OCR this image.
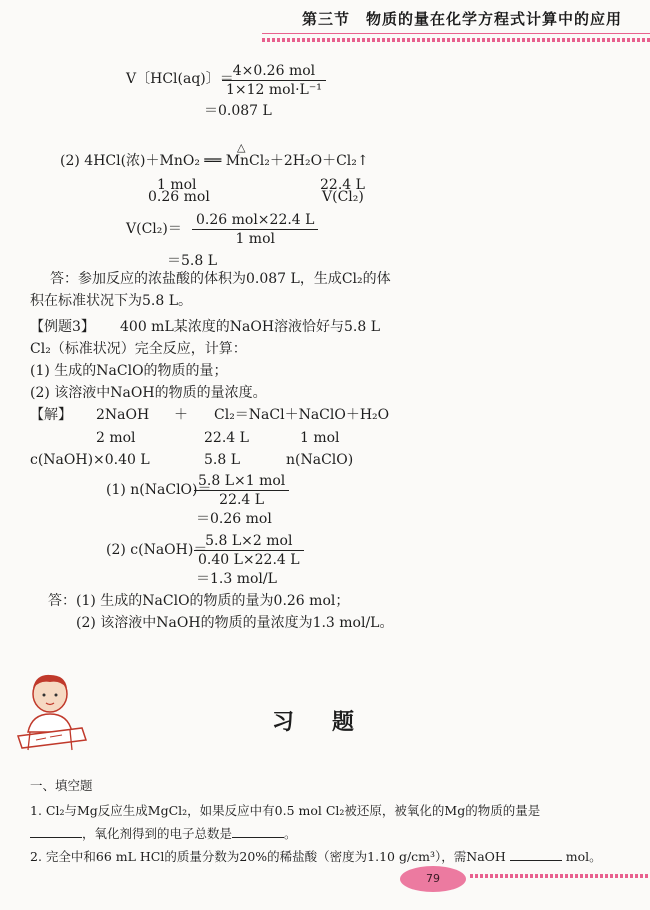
第三节　物质的量在化学方程式计算中的应用
V〔HCl(aq)〕＝
4×0.26 mol
1×12 mol·L⁻¹
＝0.087 L
△
(2) 4HCl(浓)＋MnO₂ ══ MnCl₂＋2H₂O＋Cl₂↑
1 mol	22.4 L
0.26 mol	V(Cl₂)
V(Cl₂)＝
0.26 mol×22.4 L
1 mol
＝5.8 L
答：参加反应的浓盐酸的体积为0.087 L，生成Cl₂的体
积在标准状况下为5.8 L。
【例题3】 400 mL某浓度的NaOH溶液恰好与5.8 L
Cl₂（标准状况）完全反应，计算：
(1) 生成的NaClO的物质的量；
(2) 该溶液中NaOH的物质的量浓度。
【解】 2NaOH ＋ Cl₂＝NaCl＋NaClO＋H₂O
2 mol	22.4 L	1 mol
c(NaOH)×0.40 L	5.8 L	n(NaClO)
(1) n(NaClO)＝
5.8 L×1 mol
22.4 L
＝0.26 mol
(2) c(NaOH)＝
5.8 L×2 mol
0.40 L×22.4 L
＝1.3 mol/L
答：(1) 生成的NaClO的物质的量为0.26 mol；
(2) 该溶液中NaOH的物质的量浓度为1.3 mol/L。
习题
一、填空题
1. Cl₂与Mg反应生成MgCl₂，如果反应中有0.5 mol Cl₂被还原，被氧化的Mg的物质的量是
，氧化剂得到的电子总数是	。
2. 完全中和66 mL HCl的质量分数为20%的稀盐酸（密度为1.10 g/cm³），需NaOH	mol。
79
